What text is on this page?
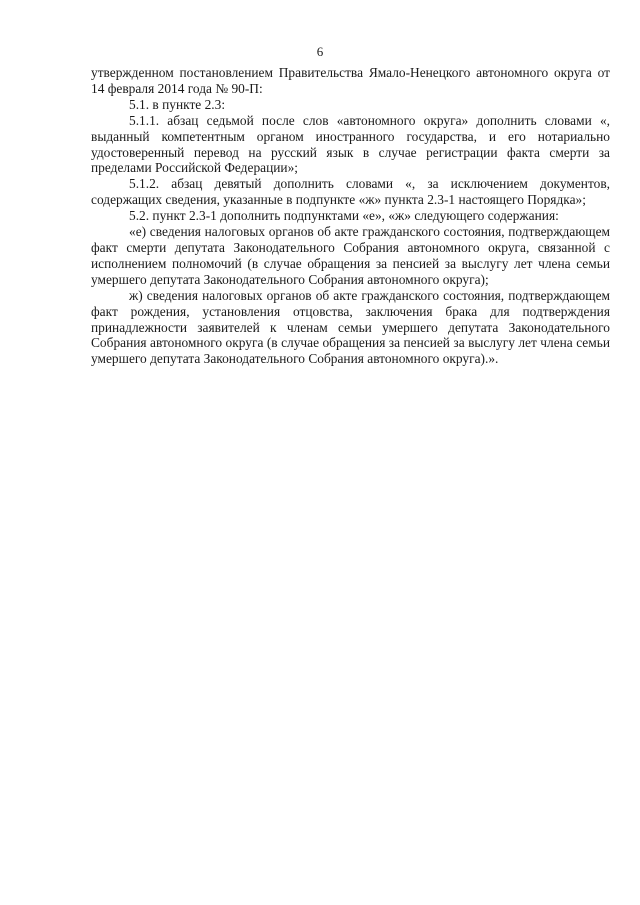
6

утвержденном постановлением Правительства Ямало-Ненецкого автономного округа от 14 февраля 2014 года № 90-П:

5.1. в пункте 2.3:

5.1.1. абзац седьмой после слов «автономного округа» дополнить словами «, выданный компетентным органом иностранного государства, и его нотариально удостоверенный перевод на русский язык в случае регистрации факта смерти за пределами Российской Федерации»;

5.1.2. абзац девятый дополнить словами «, за исключением документов, содержащих сведения, указанные в подпункте «ж» пункта 2.3-1 настоящего Порядка»;

5.2. пункт 2.3-1 дополнить подпунктами «е», «ж» следующего содержания:

«е) сведения налоговых органов об акте гражданского состояния, подтверждающем факт смерти депутата Законодательного Собрания автономного округа, связанной с исполнением полномочий (в случае обращения за пенсией за выслугу лет члена семьи умершего депутата Законодательного Собрания автономного округа);

ж) сведения налоговых органов об акте гражданского состояния, подтверждающем факт рождения, установления отцовства, заключения брака для подтверждения принадлежности заявителей к членам семьи умершего депутата Законодательного Собрания автономного округа (в случае обращения за пенсией за выслугу лет члена семьи умершего депутата Законодательного Собрания автономного округа).».
